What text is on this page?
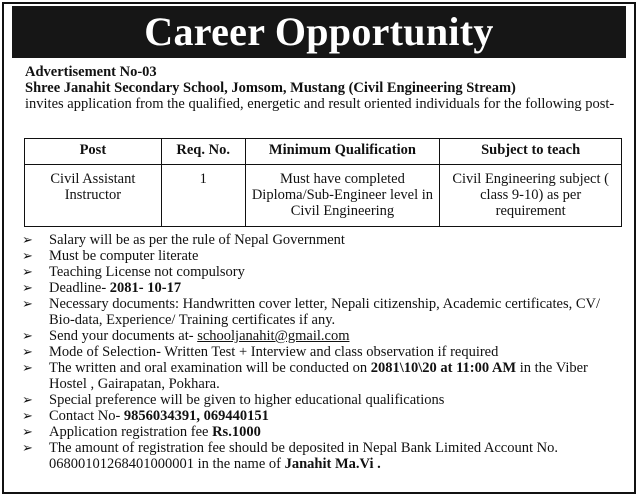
Career Opportunity
Advertisement No-03
Shree Janahit Secondary School, Jomsom, Mustang (Civil Engineering Stream)
invites application from the qualified, energetic and result oriented individuals for the following post-
Post	Req. No.	Minimum Qualification	Subject to teach
Civil Assistant Instructor	1	Must have completed Diploma/Sub-Engineer level in Civil Engineering	Civil Engineering subject ( class 9-10) as per requirement
➢ Salary will be as per the rule of Nepal Government
➢ Must be computer literate
➢ Teaching License not compulsory
➢ Deadline- 2081- 10-17
➢ Necessary documents: Handwritten cover letter, Nepali citizenship, Academic certificates, CV/ Bio-data, Experience/ Training certificates if any.
➢ Send your documents at- schooljanahit@gmail.com
➢ Mode of Selection- Written Test + Interview and class observation if required
➢ The written and oral examination will be conducted on 2081\10\20 at 11:00 AM in the Viber Hostel , Gairapatan, Pokhara.
➢ Special preference will be given to higher educational qualifications
➢ Contact No- 9856034391, 069440151
➢ Application registration fee Rs.1000
➢ The amount of registration fee should be deposited in Nepal Bank Limited Account No. 06800101268401000001 in the name of Janahit Ma.Vi .
